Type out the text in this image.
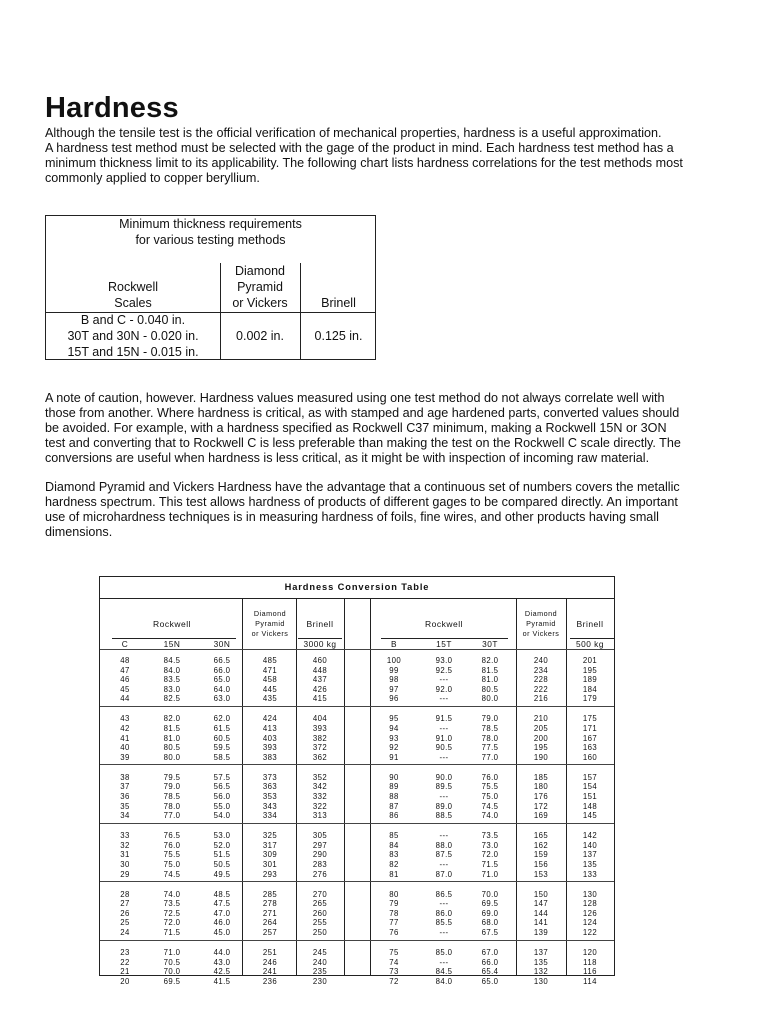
Hardness

Although the tensile test is the official verification of mechanical properties, hardness is a useful approximation.
A hardness test method must be selected with the gage of the product in mind. Each hardness test method has a
minimum thickness limit to its applicability. The following chart lists hardness correlations for the test methods most
commonly applied to copper beryllium.

Minimum thickness requirements
for various testing methods
Rockwell
Scales
Diamond
Pyramid
or Vickers	Brinell
B and C - 0.040 in.
30T and 30N - 0.020 in.
15T and 15N - 0.015 in.
0.002 in.	0.125 in.

A note of caution, however. Hardness values measured using one test method do not always correlate well with
those from another. Where hardness is critical, as with stamped and age hardened parts, converted values should
be avoided. For example, with a hardness specified as Rockwell C37 minimum, making a Rockwell 15N or 3ON
test and converting that to Rockwell C is less preferable than making the test on the Rockwell C scale directly. The
conversions are useful when hardness is less critical, as it might be with inspection of incoming raw material.

Diamond Pyramid and Vickers Hardness have the advantage that a continuous set of numbers covers the metallic
hardness spectrum. This test allows hardness of products of different gages to be compared directly. An important
use of microhardness techniques is in measuring hardness of foils, fine wires, and other products having small
dimensions.

Hardness Conversion Table
Rockwell
Diamond
Pyramid
or Vickers
Brinell
3000 kg
C	15N	30N
Rockwell
Diamond
Pyramid
or Vickers
Brinell
500 kg
B	15T	30T
48	84.5	66.5	485	460	100	93.0	82.0	240	201
47	84.0	66.0	471	448	99	92.5	81.5	234	195
46	83.5	65.0	458	437	98	---	81.0	228	189
45	83.0	64.0	445	426	97	92.0	80.5	222	184
44	82.5	63.0	435	415	96	---	80.0	216	179
43	82.0	62.0	424	404	95	91.5	79.0	210	175
42	81.5	61.5	413	393	94	---	78.5	205	171
41	81.0	60.5	403	382	93	91.0	78.0	200	167
40	80.5	59.5	393	372	92	90.5	77.5	195	163
39	80.0	58.5	383	362	91	---	77.0	190	160
38	79.5	57.5	373	352	90	90.0	76.0	185	157
37	79.0	56.5	363	342	89	89.5	75.5	180	154
36	78.5	56.0	353	332	88	---	75.0	176	151
35	78.0	55.0	343	322	87	89.0	74.5	172	148
34	77.0	54.0	334	313	86	88.5	74.0	169	145
33	76.5	53.0	325	305	85	---	73.5	165	142
32	76.0	52.0	317	297	84	88.0	73.0	162	140
31	75.5	51.5	309	290	83	87.5	72.0	159	137
30	75.0	50.5	301	283	82	---	71.5	156	135
29	74.5	49.5	293	276	81	87.0	71.0	153	133
28	74.0	48.5	285	270	80	86.5	70.0	150	130
27	73.5	47.5	278	265	79	---	69.5	147	128
26	72.5	47.0	271	260	78	86.0	69.0	144	126
25	72.0	46.0	264	255	77	85.5	68.0	141	124
24	71.5	45.0	257	250	76	---	67.5	139	122
23	71.0	44.0	251	245	75	85.0	67.0	137	120
22	70.5	43.0	246	240	74	---	66.0	135	118
21	70.0	42.5	241	235	73	84.5	65.4	132	116
20	69.5	41.5	236	230	72	84.0	65.0	130	114
